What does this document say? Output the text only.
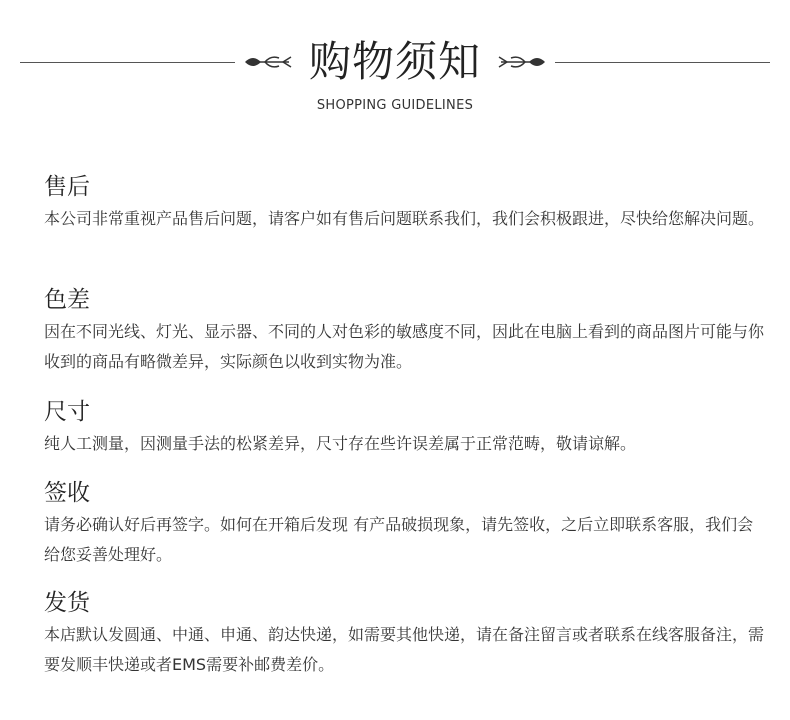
购物须知
SHOPPING GUIDELINES
售后

本公司非常重视产品售后问题，请客户如有售后问题联系我们，我们会积极跟进，尽快给您解决问题。

色差

因在不同光线、灯光、显示器、不同的人对色彩的敏感度不同，因此在电脑上看到的商品图片可能与你收到的商品有略微差异，实际颜色以收到实物为准。

尺寸

纯人工测量，因测量手法的松紧差异，尺寸存在些许误差属于正常范畴，敬请谅解。

签收

请务必确认好后再签字。如何在开箱后发现 有产品破损现象，请先签收，之后立即联系客服，我们会给您妥善处理好。

发货

本店默认发圆通、中通、申通、韵达快递，如需要其他快递，请在备注留言或者联系在线客服备注，需要发顺丰快递或者EMS需要补邮费差价。
